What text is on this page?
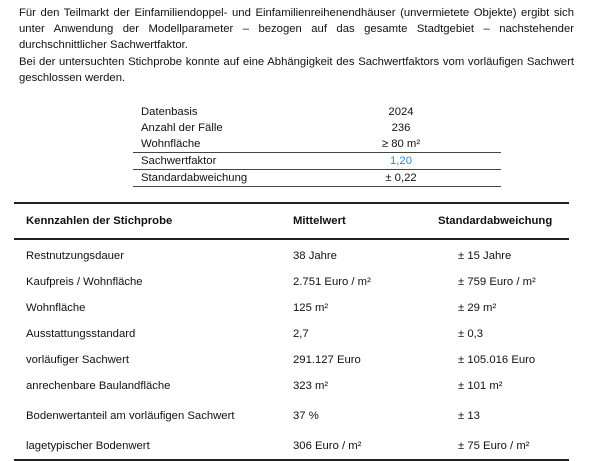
Für den Teilmarkt der Einfamiliendoppel- und Einfamilienreihenendhäuser (unvermietete Objekte) ergibt sich unter Anwendung der Modellparameter – bezogen auf das gesamte Stadtgebiet – nachstehender durchschnittlicher Sachwertfaktor.

Bei der untersuchten Stichprobe konnte auf eine Abhängigkeit des Sachwertfaktors vom vorläufigen Sachwert geschlossen werden.

Datenbasis	2024
Anzahl der Fälle	236
Wohnfläche	≥ 80 m²
Sachwertfaktor	1,20
Standardabweichung	± 0,22
Kennzahlen der Stichprobe	Mittelwert	Standardabweichung
Restnutzungsdauer	38 Jahre	± 15 Jahre
Kaufpreis / Wohnfläche	2.751 Euro / m²	± 759 Euro / m²
Wohnfläche	125 m²	± 29 m²
Ausstattungsstandard	2,7	± 0,3
vorläufiger Sachwert	291.127 Euro	± 105.016 Euro
anrechenbare Baulandfläche	323 m²	± 101 m²
Bodenwertanteil am vorläufigen Sachwert	37 %	± 13
lagetypischer Bodenwert	306 Euro / m²	± 75 Euro / m²
